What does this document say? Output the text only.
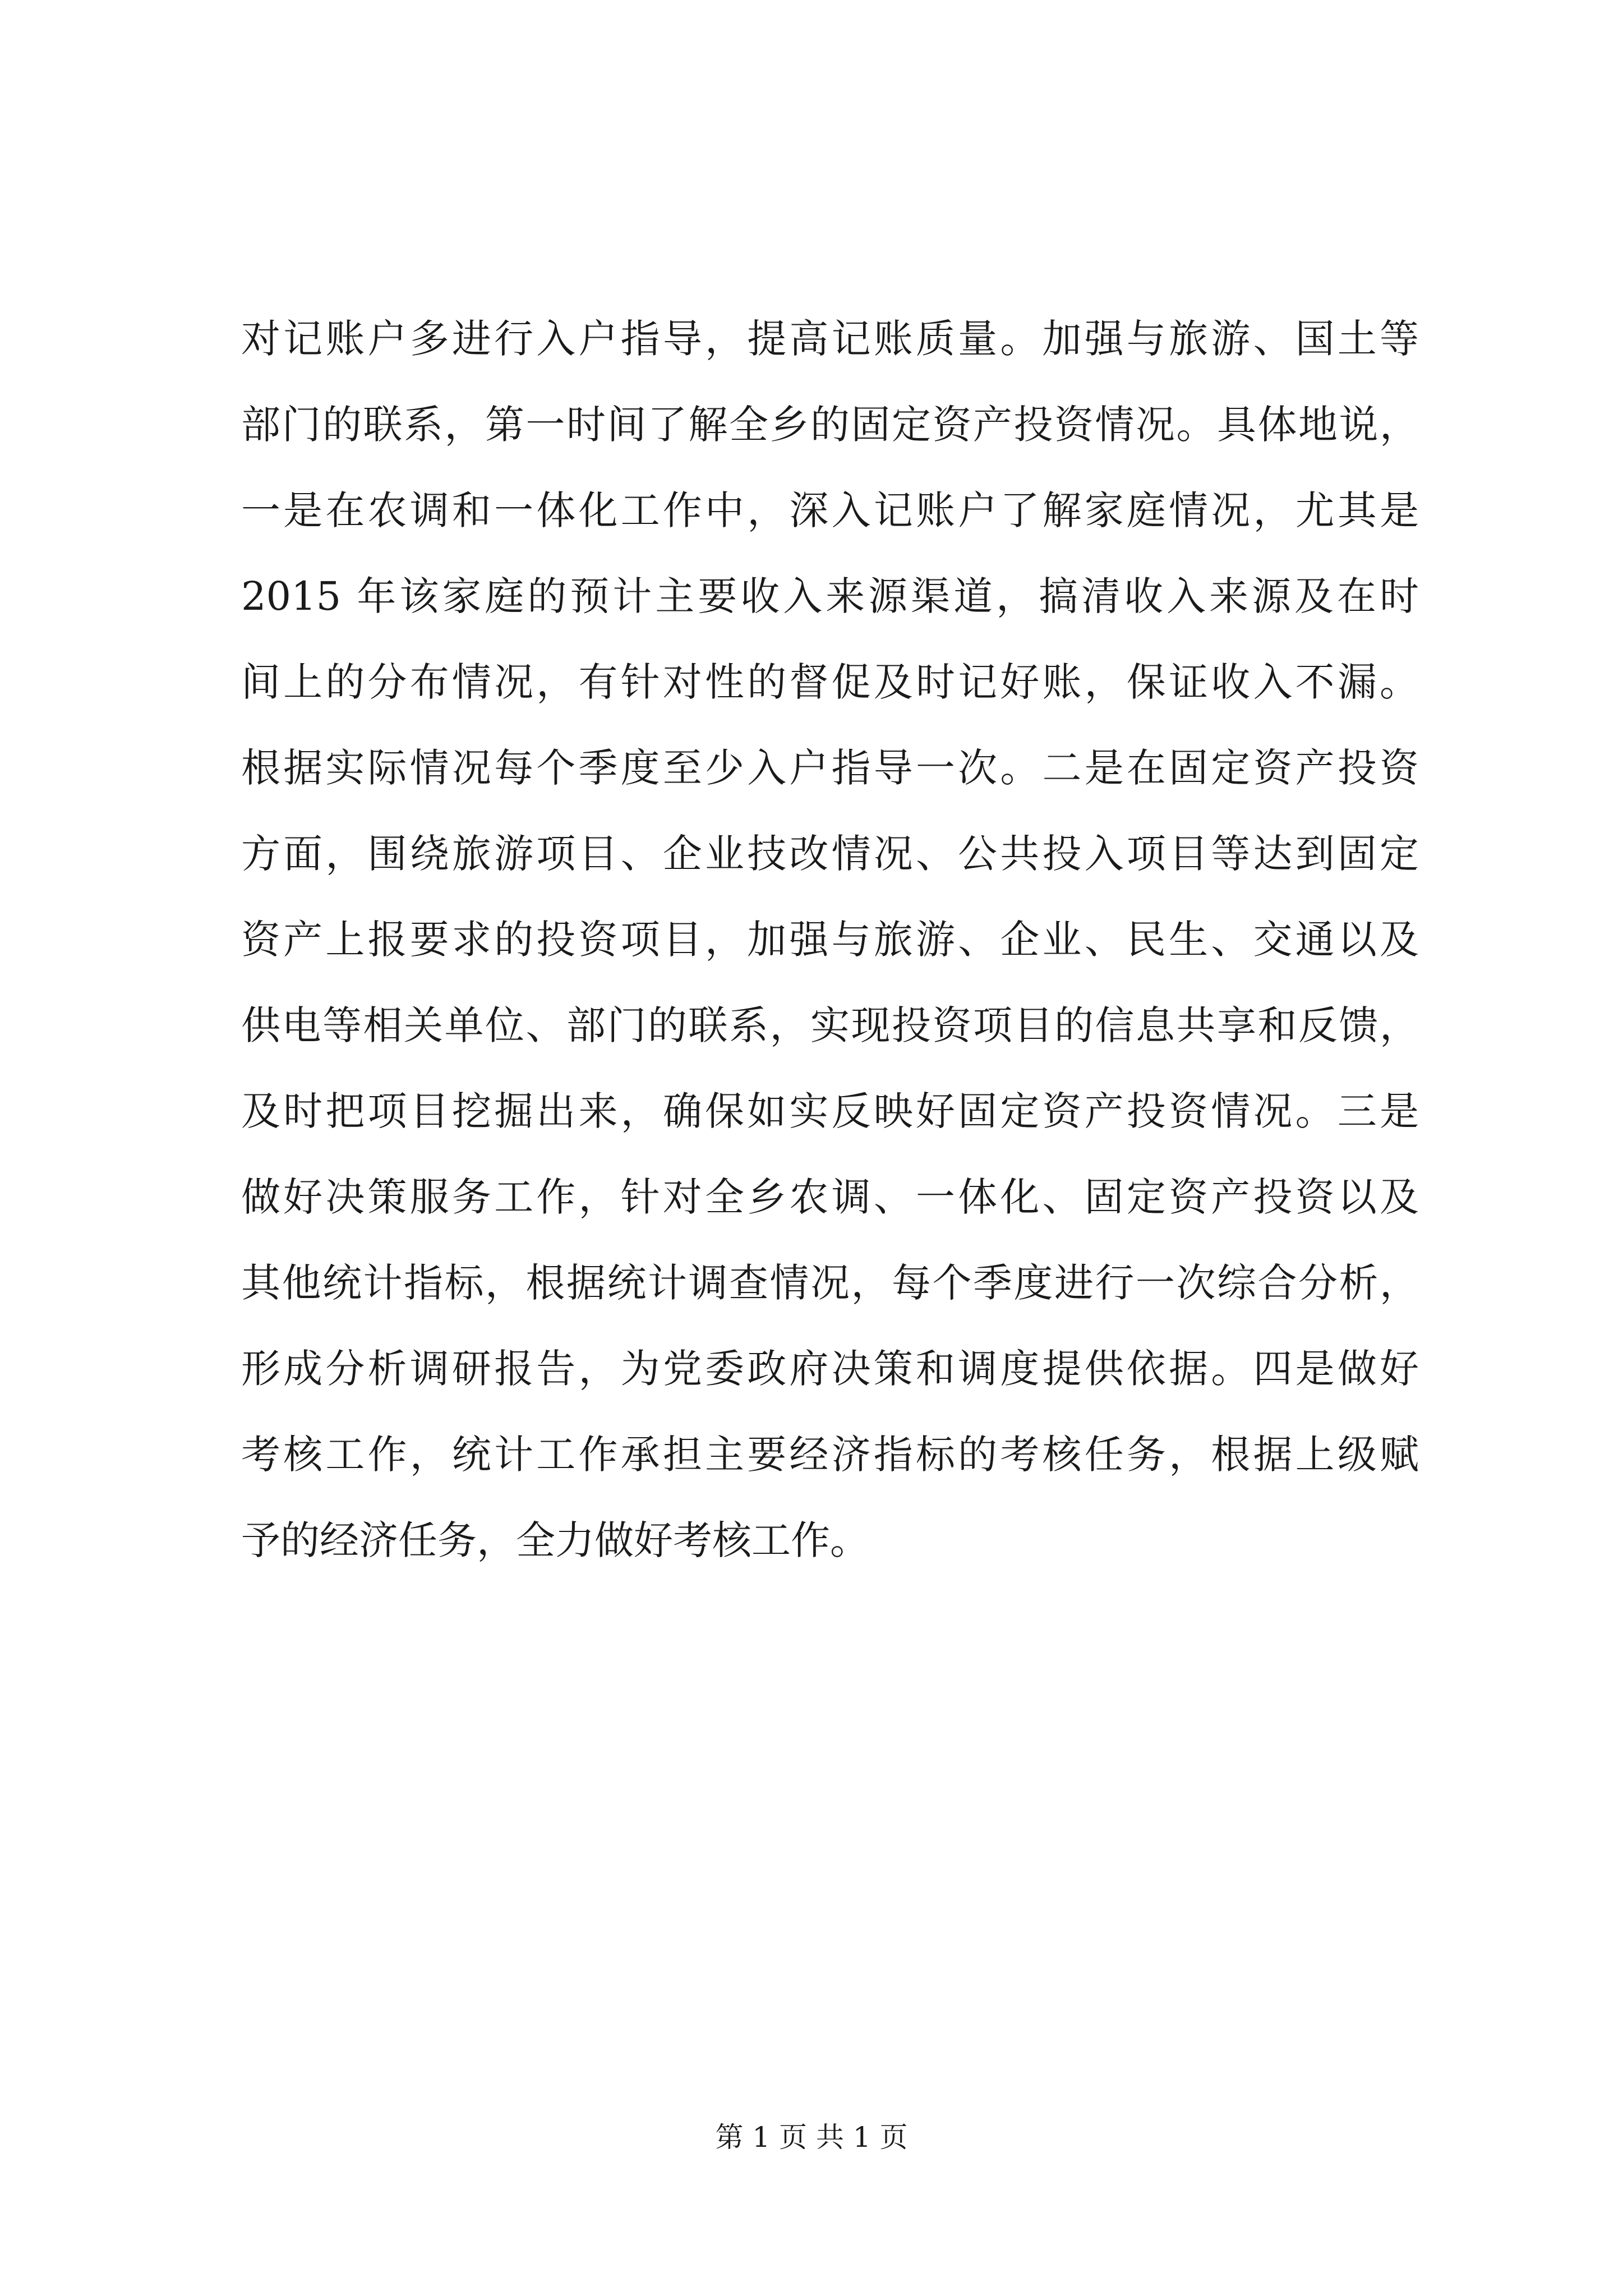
对记账户多进行入户指导，提高记账质量。加强与旅游、国土等
部门的联系，第一时间了解全乡的固定资产投资情况。具体地说，
一是在农调和一体化工作中，深入记账户了解家庭情况，尤其是
2015 年该家庭的预计主要收入来源渠道，搞清收入来源及在时
间上的分布情况，有针对性的督促及时记好账，保证收入不漏。
根据实际情况每个季度至少入户指导一次。二是在固定资产投资
方面，围绕旅游项目、企业技改情况、公共投入项目等达到固定
资产上报要求的投资项目，加强与旅游、企业、民生、交通以及
供电等相关单位、部门的联系，实现投资项目的信息共享和反馈，
及时把项目挖掘出来，确保如实反映好固定资产投资情况。三是
做好决策服务工作，针对全乡农调、一体化、固定资产投资以及
其他统计指标，根据统计调查情况，每个季度进行一次综合分析，
形成分析调研报告，为党委政府决策和调度提供依据。四是做好
考核工作，统计工作承担主要经济指标的考核任务，根据上级赋
予的经济任务，全力做好考核工作。
第 1 页 共 1 页
